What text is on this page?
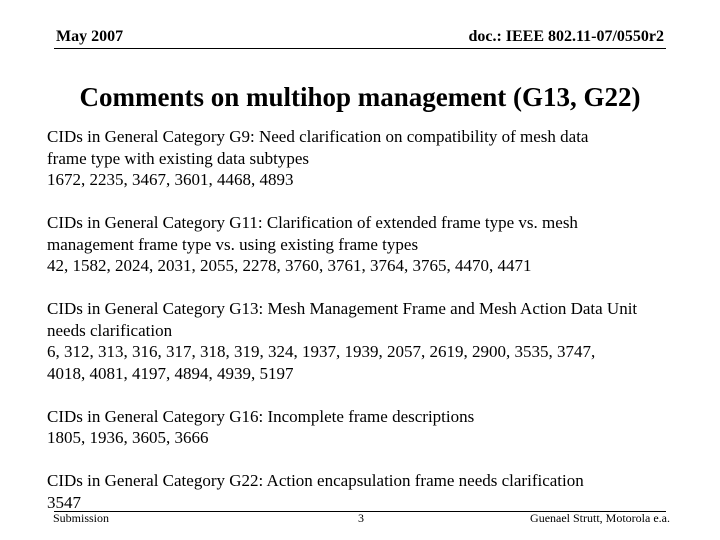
May 2007	doc.: IEEE 802.11-07/0550r2
Comments on multihop management (G13, G22)
CIDs in General Category G9: Need clarification on compatibility of mesh data
frame type with existing data subtypes
1672, 2235, 3467, 3601, 4468, 4893
CIDs in General Category G11: Clarification of extended frame type vs. mesh
management frame type vs. using existing frame types
42, 1582, 2024, 2031, 2055, 2278, 3760, 3761, 3764, 3765, 4470, 4471
CIDs in General Category G13: Mesh Management Frame and Mesh Action Data Unit
needs clarification
6, 312, 313, 316, 317, 318, 319, 324, 1937, 1939, 2057, 2619, 2900, 3535, 3747,
4018, 4081, 4197, 4894, 4939, 5197
CIDs in General Category G16: Incomplete frame descriptions
1805, 1936, 3605, 3666
CIDs in General Category G22: Action encapsulation frame needs clarification
3547
Submission	3	Guenael Strutt, Motorola e.a.
